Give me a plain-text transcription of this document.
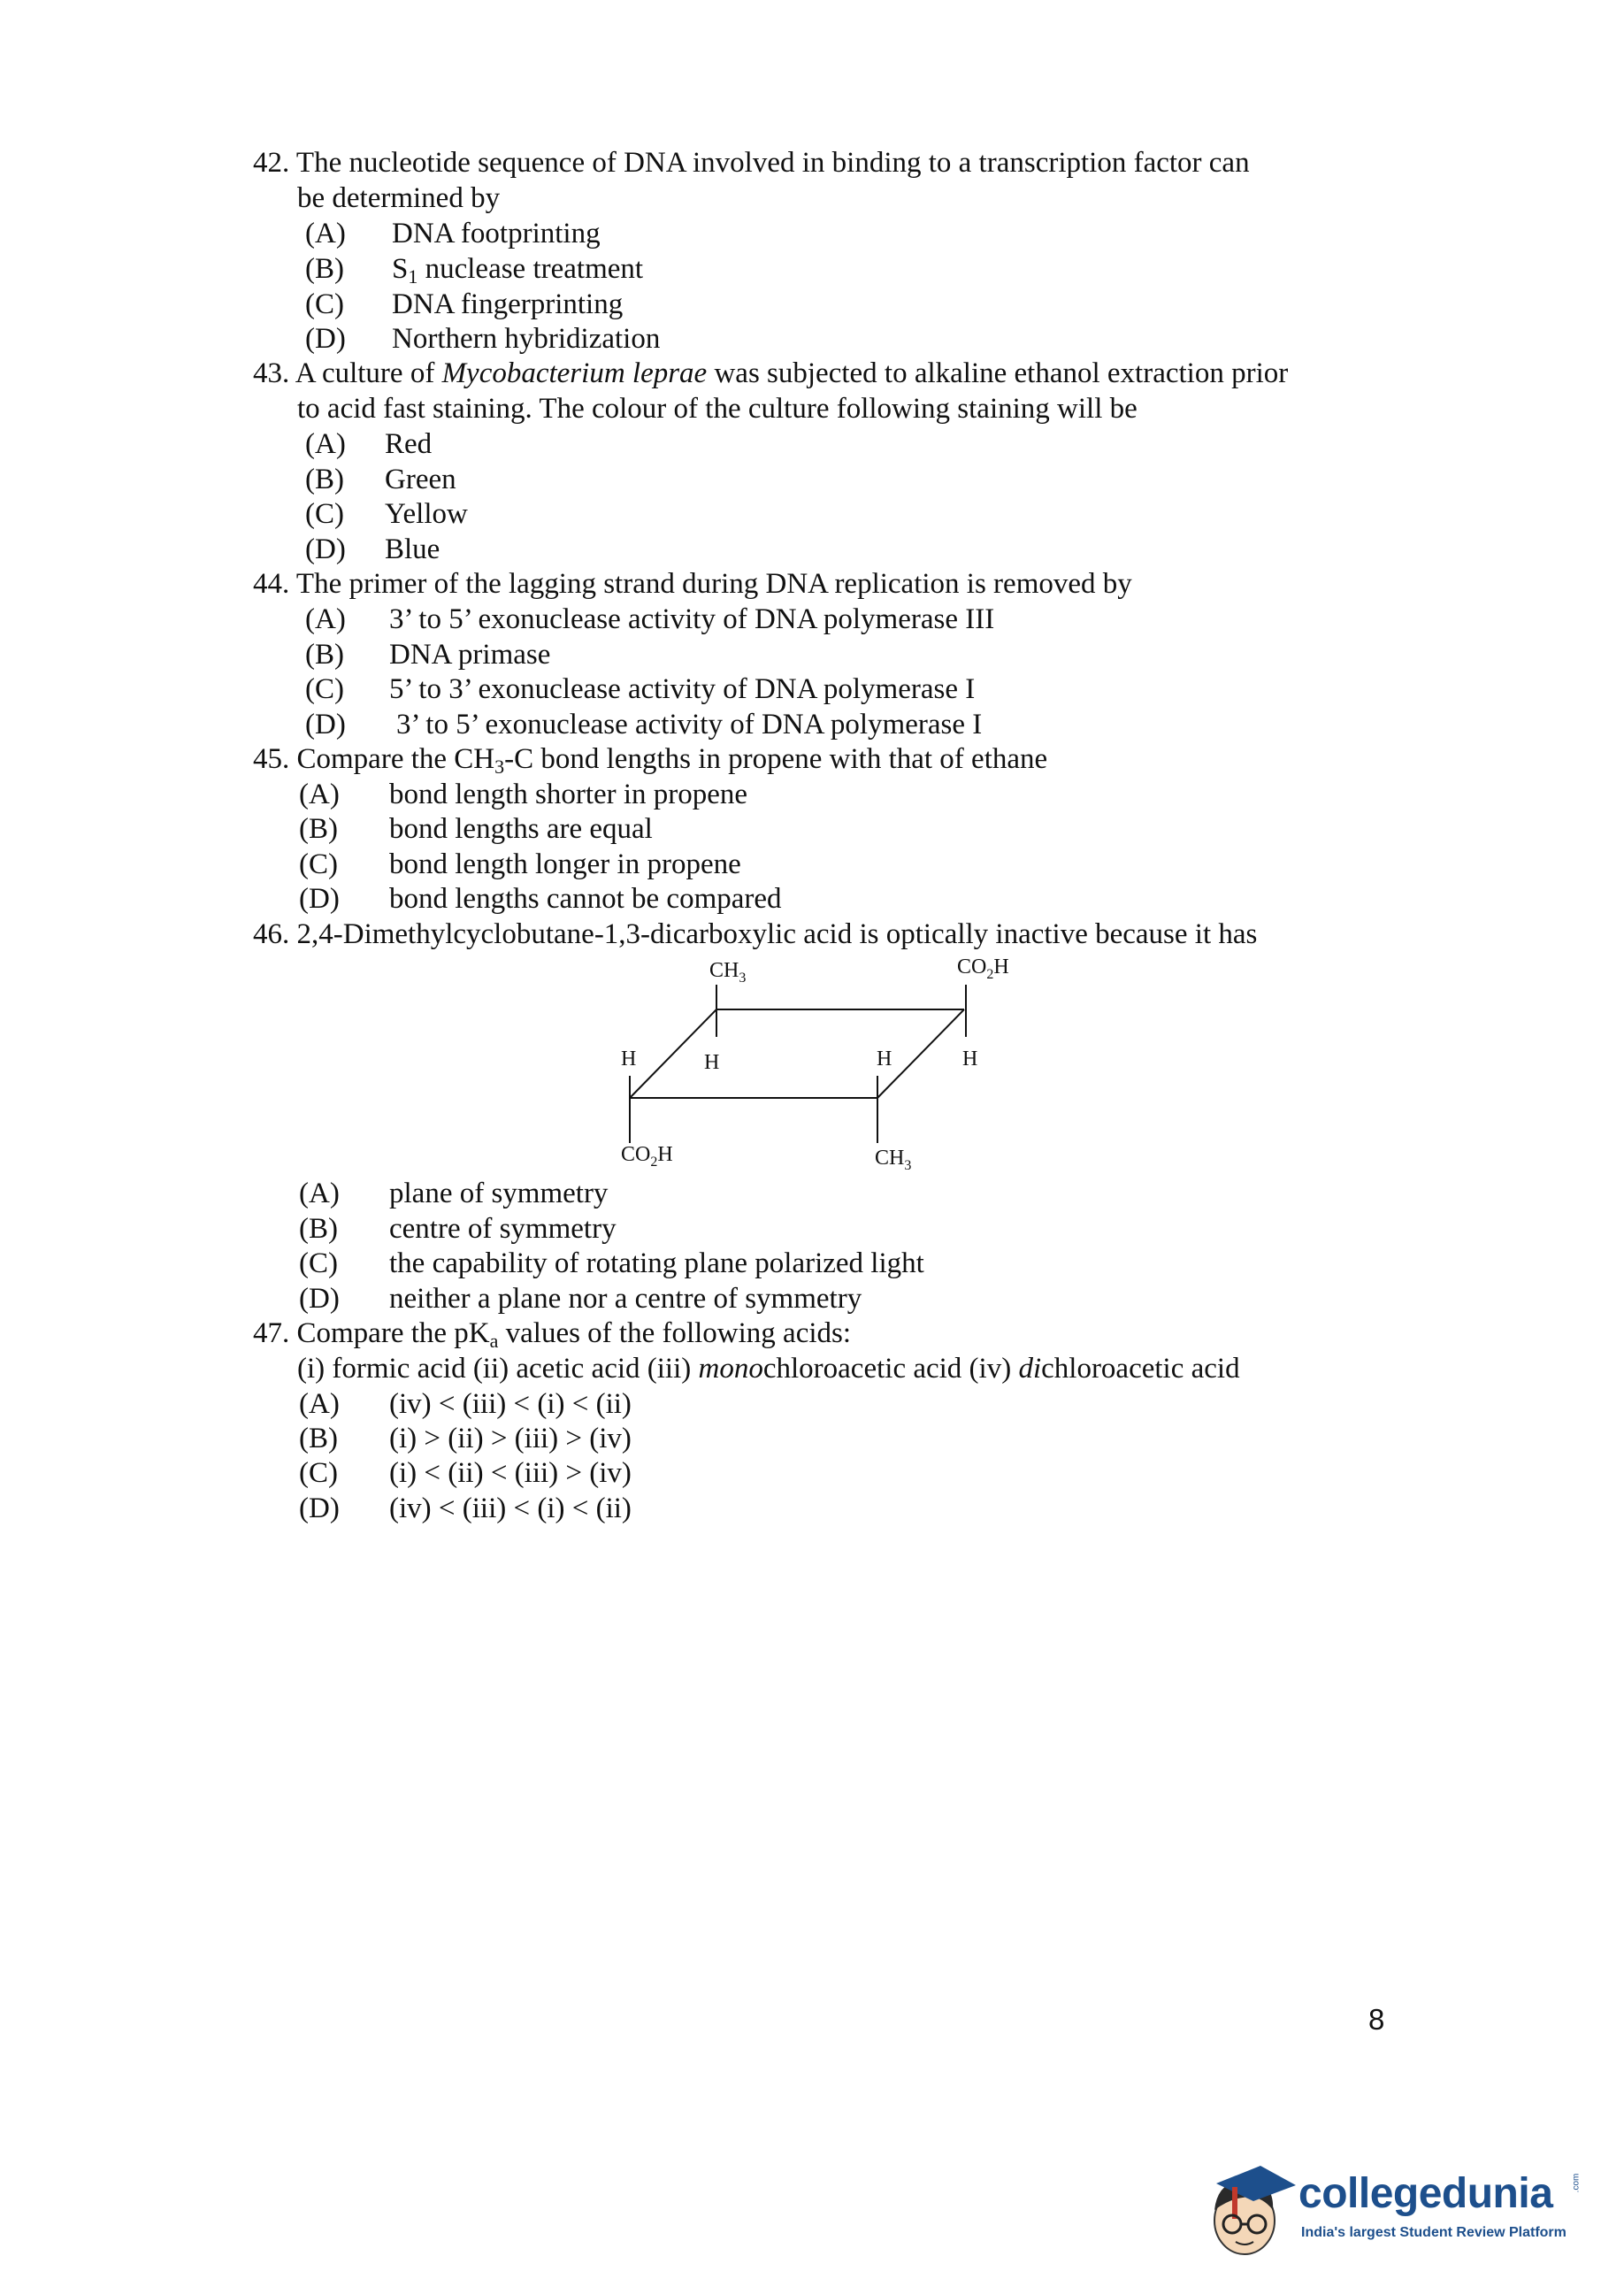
42. The nucleotide sequence of DNA involved in binding to a transcription factor can
be determined by
(A) DNA footprinting
(B) $S_1$ nuclease treatment
(C) DNA fingerprinting
(D) Northern hybridization
43. A culture of Mycobacterium leprae was subjected to alkaline ethanol extraction prior
to acid fast staining. The colour of the culture following staining will be
(A) Red
(B) Green
(C) Yellow
(D) Blue
44. The primer of the lagging strand during DNA replication is removed by
(A) 3’ to 5’ exonuclease activity of DNA polymerase III
(B) DNA primase
(C) 5’ to 3’ exonuclease activity of DNA polymerase I
(D) 3’ to 5’ exonuclease activity of DNA polymerase I
45. Compare the $CH_3-C$ bond lengths in propene with that of ethane
(A) bond length shorter in propene
(B) bond lengths are equal
(C) bond length longer in propene
(D) bond lengths cannot be compared
46. 2,4-Dimethylcyclobutane-1,3-dicarboxylic acid is optically inactive because it has
$CH_3$	$CO_2H$
H	H	H	H
$CO_2H$	$CH_3$
(A) plane of symmetry
(B) centre of symmetry
(C) the capability of rotating plane polarized light
(D) neither a plane nor a centre of symmetry
47. Compare the $pK_a$ values of the following acids:
(i) formic acid (ii) acetic acid (iii) monochloroacetic acid (iv) dichloroacetic acid
(A) (iv) < (iii) < (i) < (ii)
(B) (i) > (ii) > (iii) > (iv)
(C) (i) < (ii) < (iii) > (iv)
(D) (iv) < (iii) < (i) < (ii)
8
collegedunia .com
India's largest Student Review Platform
